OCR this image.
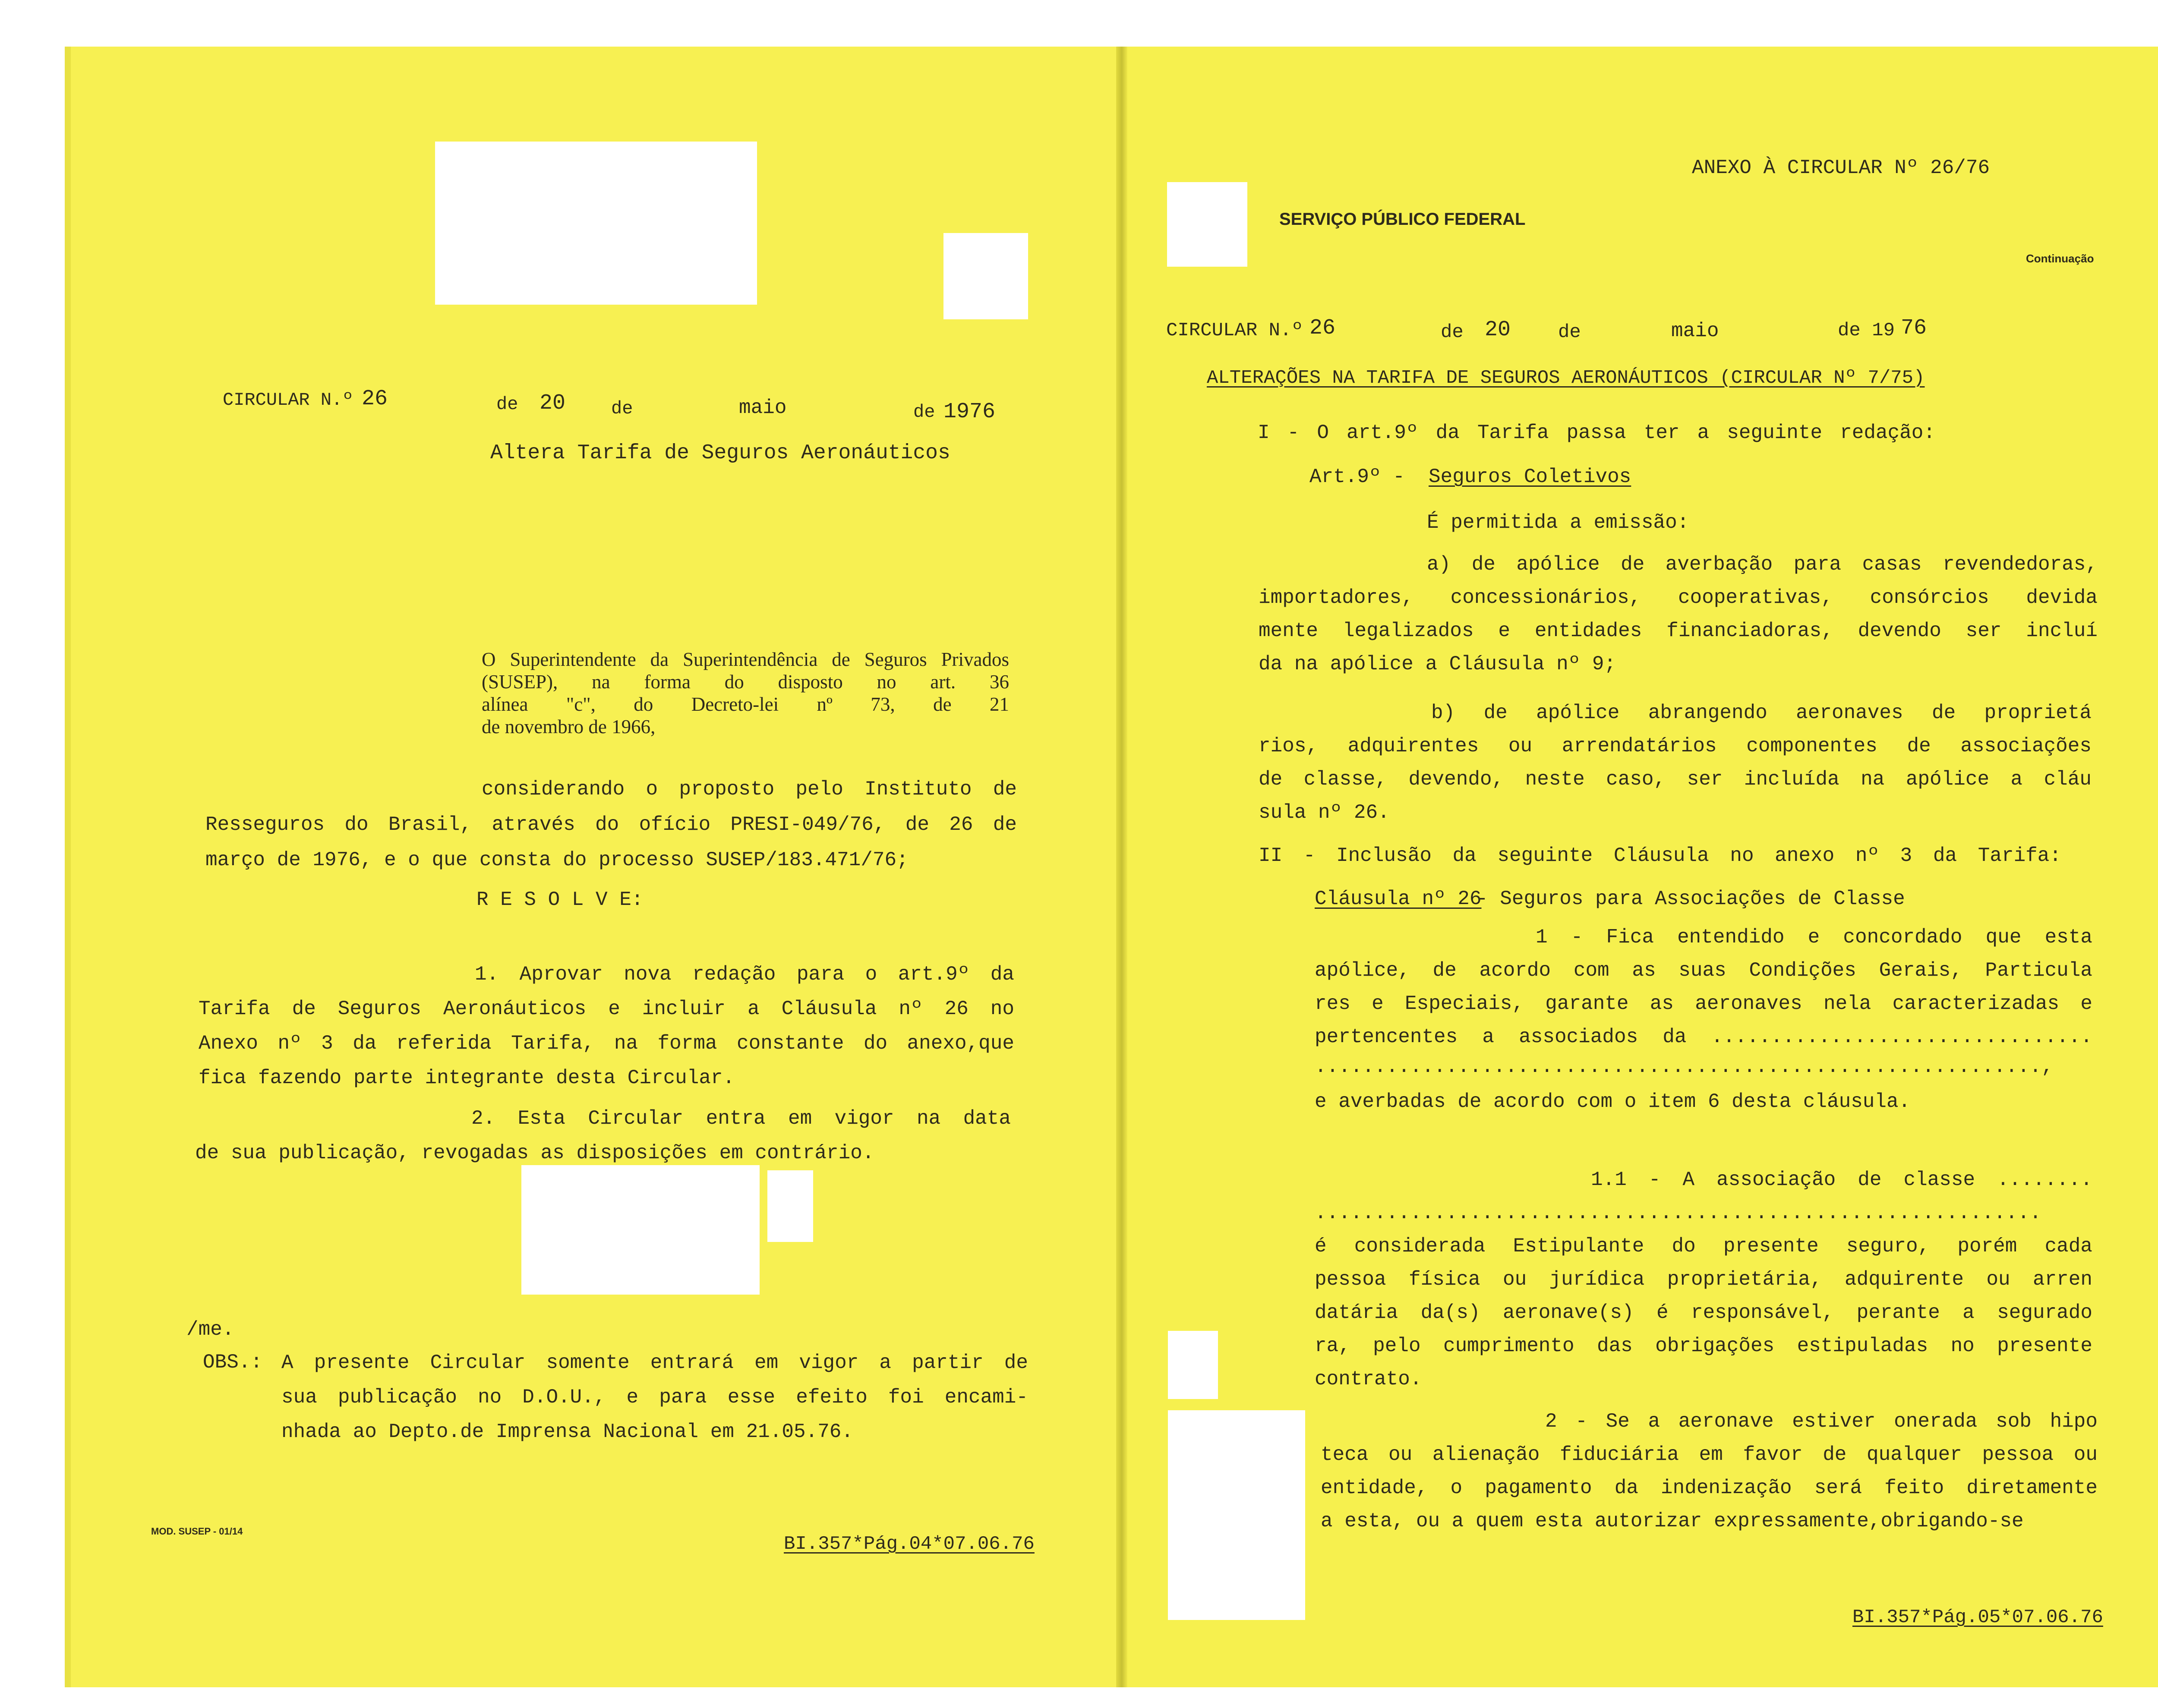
CIRCULAR N.º 26	de 20	de	maio	de 1976
Altera Tarifa de Seguros Aeronáuticos
O Superintendente da Superintendência de Seguros Privados
(SUSEP), na forma do disposto no art. 36
alínea "c", do Decreto-lei nº 73, de 21
de novembro de 1966,
considerando o proposto pelo Instituto de
Resseguros do Brasil, através do ofício PRESI-049/76, de 26 de
março de 1976, e o que consta do processo SUSEP/183.471/76;
R E S O L V E:
1. Aprovar nova redação para o art.9º da
Tarifa de Seguros Aeronáuticos e incluir a Cláusula nº 26 no
Anexo nº 3 da referida Tarifa, na forma constante do anexo,que
fica fazendo parte integrante desta Circular.
2. Esta Circular entra em vigor na data
de sua publicação, revogadas as disposições em contrário.
/me.
OBS.: A presente Circular somente entrará em vigor a partir de
sua publicação no D.O.U., e para esse efeito foi encami-
nhada ao Depto.de Imprensa Nacional em 21.05.76.
MOD. SUSEP - 01/14
BI.357*Pág.04*07.06.76
ANEXO À CIRCULAR Nº 26/76
SERVIÇO PÚBLICO FEDERAL
Continuação
CIRCULAR N.º 26	de 20 de	maio	de 19 76
ALTERAÇÕES NA TARIFA DE SEGUROS AERONÁUTICOS (CIRCULAR Nº 7/75)
I - O art.9º da Tarifa passa ter a seguinte redação:
Art.9º - Seguros Coletivos
É permitida a emissão:
a) de apólice de averbação para casas revendedoras,
importadores, concessionários, cooperativas, consórcios devida
mente legalizados e entidades financiadoras, devendo ser incluí
da na apólice a Cláusula nº 9;
b) de apólice abrangendo aeronaves de proprietá
rios, adquirentes ou arrendatários componentes de associações
de classe, devendo, neste caso, ser incluída na apólice a cláu
sula nº 26.
II - Inclusão da seguinte Cláusula no anexo nº 3 da Tarifa:
Cláusula nº 26
- Seguros para Associações de Classe
1 - Fica entendido e concordado que esta
apólice, de acordo com as suas Condições Gerais, Particula
res e Especiais, garante as aeronaves nela caracterizadas e
pertencentes a associados da ................................
.............................................................,
e averbadas de acordo com o item 6 desta cláusula.
1.1 - A associação de classe ........
.............................................................
é considerada Estipulante do presente seguro, porém cada
pessoa física ou jurídica proprietária, adquirente ou arren
datária da(s) aeronave(s) é responsável, perante a segurado
ra, pelo cumprimento das obrigações estipuladas no presente
contrato.
2 - Se a aeronave estiver onerada sob hipo
teca ou alienação fiduciária em favor de qualquer pessoa ou
entidade, o pagamento da indenização será feito diretamente
a esta, ou a quem esta autorizar expressamente,obrigando-se
BI.357*Pág.05*07.06.76
